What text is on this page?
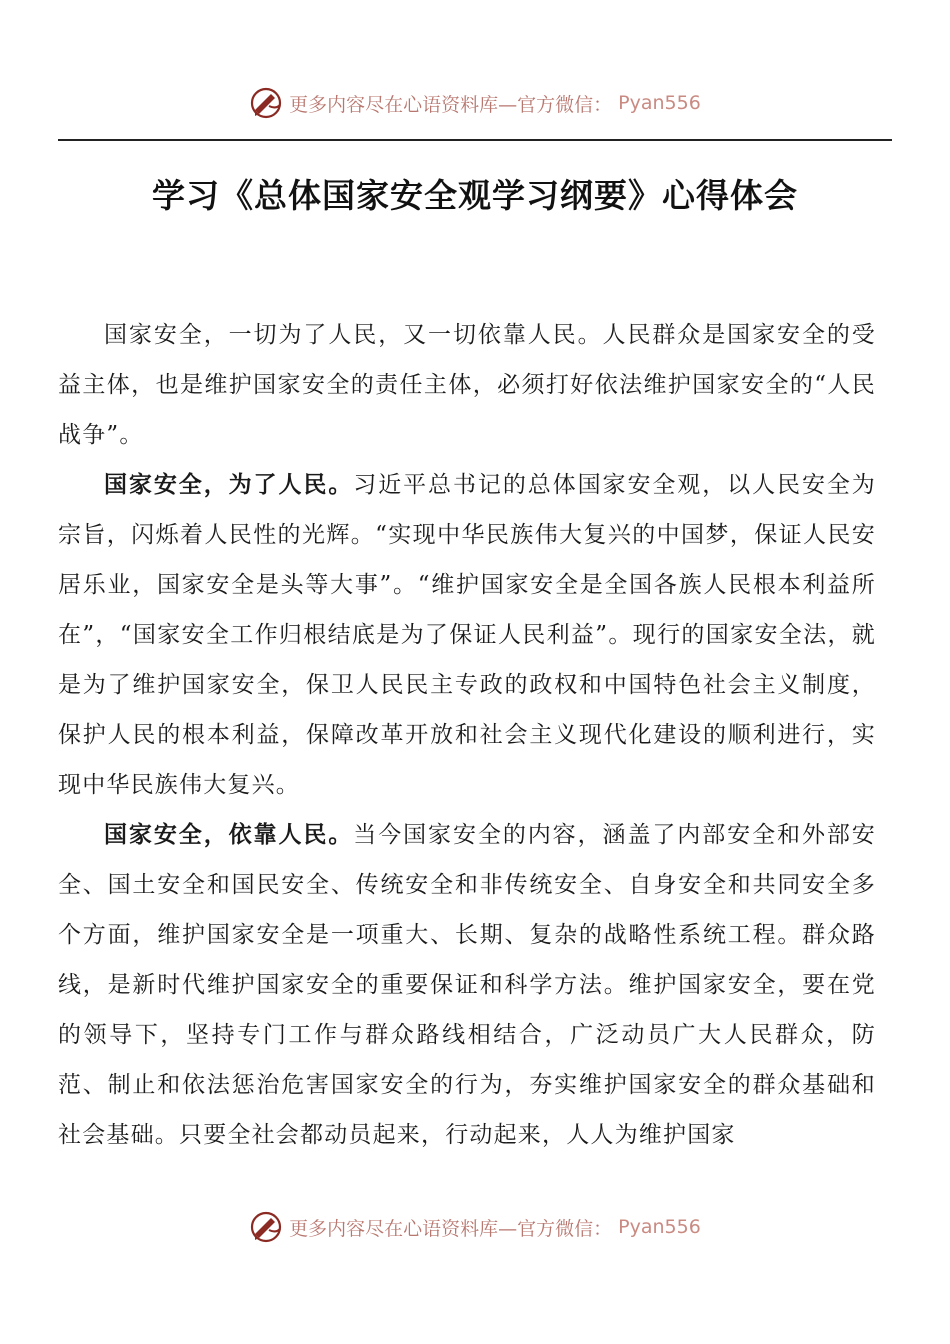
更多内容尽在心语资料库—官方微信： Pyan556
学习《总体国家安全观学习纲要》心得体会

国家安全，一切为了人民，又一切依靠人民。人民群众是国家安全的受益主体，也是维护国家安全的责任主体，必须打好依法维护国家安全的“人民战争”。

国家安全，为了人民。习近平总书记的总体国家安全观，以人民安全为宗旨，闪烁着人民性的光辉。“实现中华民族伟大复兴的中国梦，保证人民安居乐业，国家安全是头等大事”。“维护国家安全是全国各族人民根本利益所在”，“国家安全工作归根结底是为了保证人民利益”。现行的国家安全法，就是为了维护国家安全，保卫人民民主专政的政权和中国特色社会主义制度，保护人民的根本利益，保障改革开放和社会主义现代化建设的顺利进行，实现中华民族伟大复兴。

国家安全，依靠人民。当今国家安全的内容，涵盖了内部安全和外部安全、国土安全和国民安全、传统安全和非传统安全、自身安全和共同安全多个方面，维护国家安全是一项重大、长期、复杂的战略性系统工程。群众路线，是新时代维护国家安全的重要保证和科学方法。维护国家安全，要在党的领导下，坚持专门工作与群众路线相结合，广泛动员广大人民群众，防范、制止和依法惩治危害国家安全的行为，夯实维护国家安全的群众基础和社会基础。只要全社会都动员起来，行动起来，人人为维护国家

更多内容尽在心语资料库—官方微信： Pyan556
